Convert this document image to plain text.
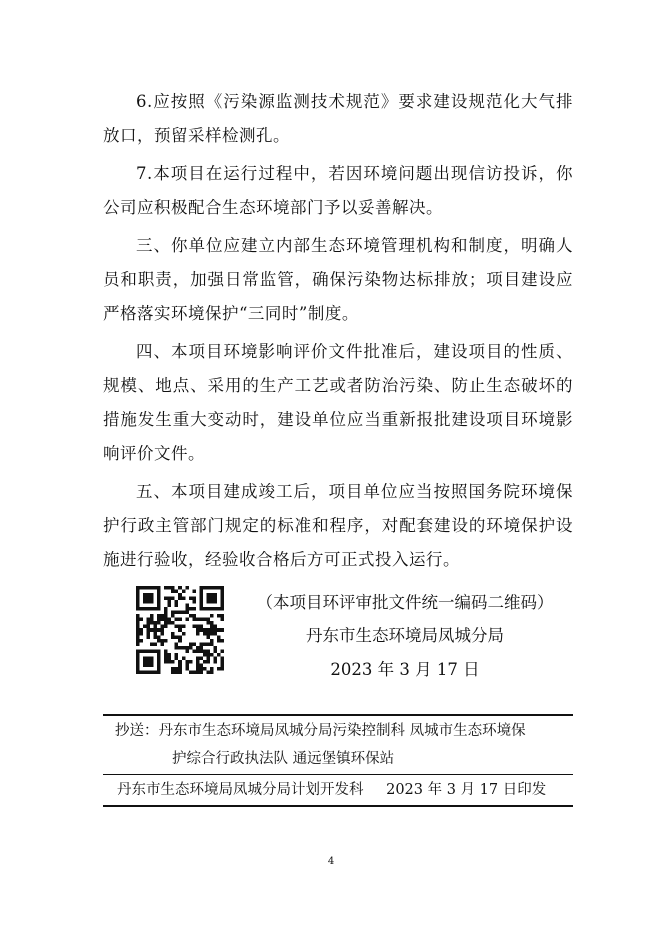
6.应按照《污染源监测技术规范》要求建设规范化大气排放口，预留采样检测孔。

7.本项目在运行过程中，若因环境问题出现信访投诉，你公司应积极配合生态环境部门予以妥善解决。

三、你单位应建立内部生态环境管理机构和制度，明确人员和职责，加强日常监管，确保污染物达标排放；项目建设应严格落实环境保护“三同时”制度。

四、本项目环境影响评价文件批准后，建设项目的性质、规模、地点、采用的生产工艺或者防治污染、防止生态破坏的措施发生重大变动时，建设单位应当重新报批建设项目环境影响评价文件。

五、本项目建成竣工后，项目单位应当按照国务院环境保护行政主管部门规定的标准和程序，对配套建设的环境保护设施进行验收，经验收合格后方可正式投入运行。

（本项目环评审批文件统一编码二维码）
丹东市生态环境局凤城分局
2023 年 3 月 17 日
抄送：丹东市生态环境局凤城分局污染控制科 凤城市生态环境保
护综合行政执法队 通远堡镇环保站
丹东市生态环境局凤城分局计划开发科 2023 年 3 月 17 日印发
4
